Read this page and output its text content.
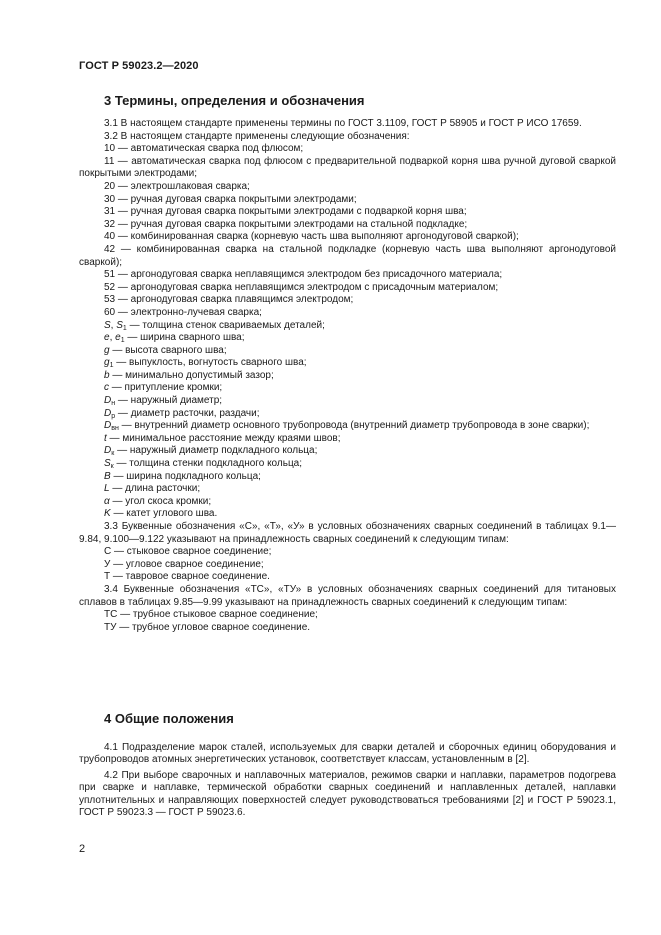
ГОСТ Р 59023.2—2020
3 Термины, определения и обозначения

3.1 В настоящем стандарте применены термины по ГОСТ 3.1109, ГОСТ Р 58905 и ГОСТ Р ИСО 17659.

3.2 В настоящем стандарте применены следующие обозначения:

10 — автоматическая сварка под флюсом;

11 — автоматическая сварка под флюсом с предварительной подваркой корня шва ручной дуговой сваркой покрытыми электродами;

20 — электрошлаковая сварка;

30 — ручная дуговая сварка покрытыми электродами;

31 — ручная дуговая сварка покрытыми электродами с подваркой корня шва;

32 — ручная дуговая сварка покрытыми электродами на стальной подкладке;

40 — комбинированная сварка (корневую часть шва выполняют аргонодуговой сваркой);

42 — комбинированная сварка на стальной подкладке (корневую часть шва выполняют аргонодуговой сваркой);

51 — аргонодуговая сварка неплавящимся электродом без присадочного материала;

52 — аргонодуговая сварка неплавящимся электродом с присадочным материалом;

53 — аргонодуговая сварка плавящимся электродом;

60 — электронно-лучевая сварка;

S, $S_1$ — толщина стенок свариваемых деталей;

e, $e_1$ — ширина сварного шва;

g — высота сварного шва;

$g_1$ — выпуклость, вогнутость сварного шва;

b — минимально допустимый зазор;

c — притупление кромки;

$D_н$ — наружный диаметр;

$D_р$ — диаметр расточки, раздачи;

$D_{вн}$ — внутренний диаметр основного трубопровода (внутренний диаметр трубопровода в зоне сварки);

t — минимальное расстояние между краями швов;

$D_к$ — наружный диаметр подкладного кольца;

$S_к$ — толщина стенки подкладного кольца;

B — ширина подкладного кольца;

L — длина расточки;

α — угол скоса кромки;

K — катет углового шва.

3.3 Буквенные обозначения «С», «Т», «У» в условных обозначениях сварных соединений в таблицах 9.1—9.84, 9.100—9.122 указывают на принадлежность сварных соединений к следующим типам:

С — стыковое сварное соединение;

У — угловое сварное соединение;

Т — тавровое сварное соединение.

3.4 Буквенные обозначения «ТС», «ТУ» в условных обозначениях сварных соединений для титановых сплавов в таблицах 9.85—9.99 указывают на принадлежность сварных соединений к следующим типам:

ТС — трубное стыковое сварное соединение;

ТУ — трубное угловое сварное соединение.

4 Общие положения

4.1 Подразделение марок сталей, используемых для сварки деталей и сборочных единиц оборудования и трубопроводов атомных энергетических установок, соответствует классам, установленным в [2].

4.2 При выборе сварочных и наплавочных материалов, режимов сварки и наплавки, параметров подогрева при сварке и наплавке, термической обработки сварных соединений и наплавленных деталей, наплавки уплотнительных и направляющих поверхностей следует руководствоваться требованиями [2] и ГОСТ Р 59023.1, ГОСТ Р 59023.3 — ГОСТ Р 59023.6.

2
